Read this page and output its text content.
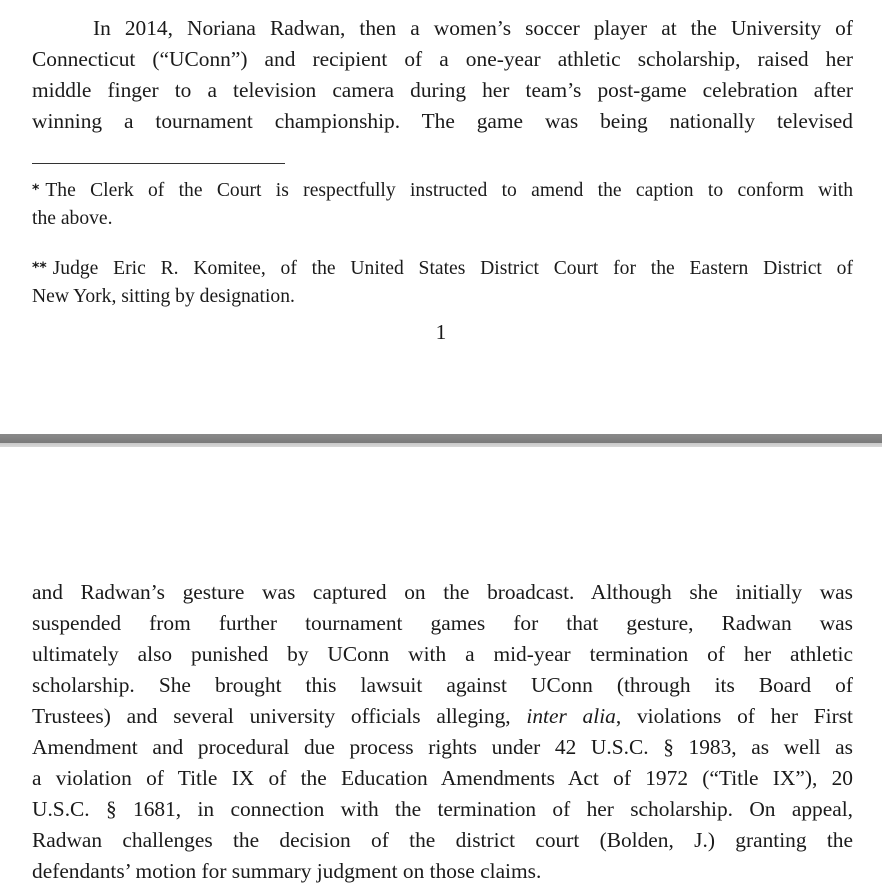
In 2014, Noriana Radwan, then a women’s soccer player at the University of
Connecticut (“UConn”) and recipient of a one-year athletic scholarship, raised her
middle finger to a television camera during her team’s post-game celebration after
winning a tournament championship. The game was being nationally televised

* The Clerk of the Court is respectfully instructed to amend the caption to conform with
the above.

** Judge Eric R. Komitee, of the United States District Court for the Eastern District of
New York, sitting by designation.

1

and Radwan’s gesture was captured on the broadcast. Although she initially was
suspended from further tournament games for that gesture, Radwan was
ultimately also punished by UConn with a mid-year termination of her athletic
scholarship. She brought this lawsuit against UConn (through its Board of
Trustees) and several university officials alleging, inter alia, violations of her First
Amendment and procedural due process rights under 42 U.S.C. § 1983, as well as
a violation of Title IX of the Education Amendments Act of 1972 (“Title IX”), 20
U.S.C. § 1681, in connection with the termination of her scholarship. On appeal,
Radwan challenges the decision of the district court (Bolden, J.) granting the
defendants’ motion for summary judgment on those claims.
